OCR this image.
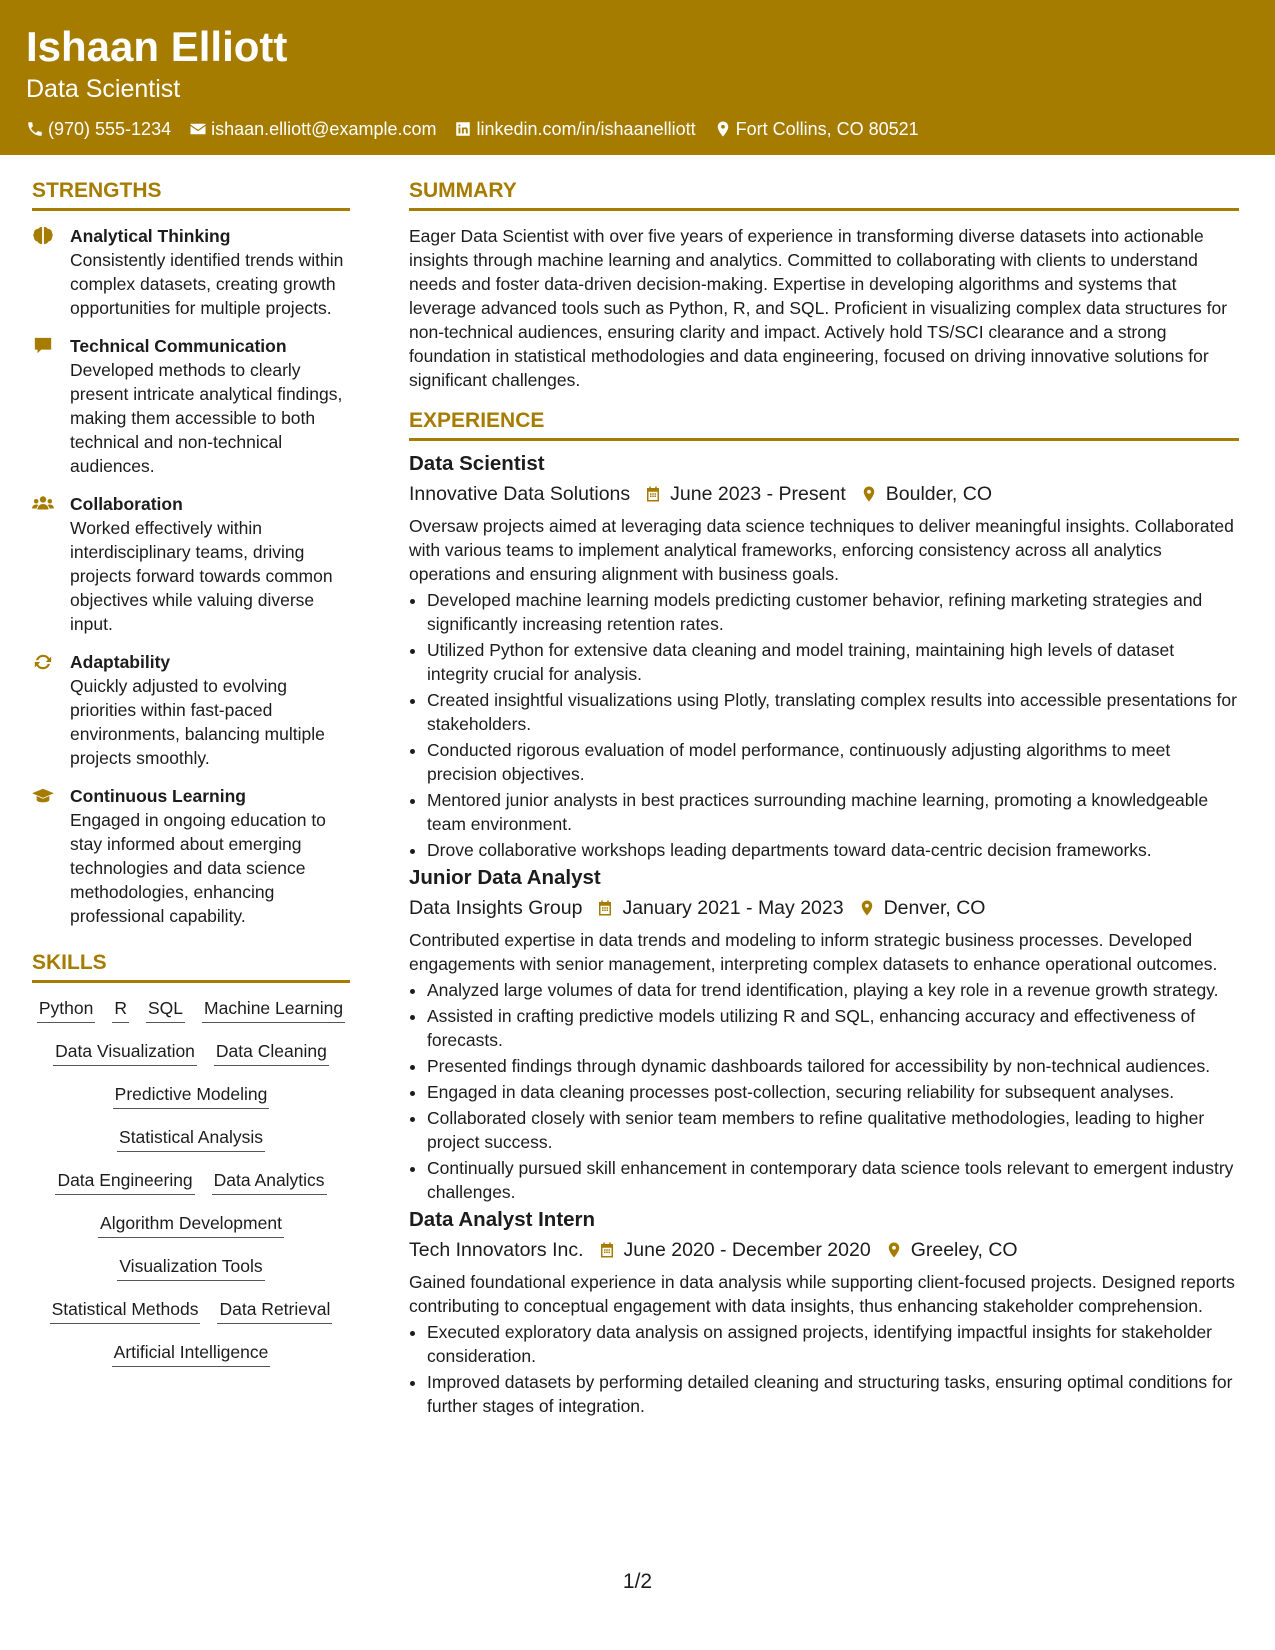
Ishaan Elliott
Data Scientist
(970) 555-1234 ishaan.elliott@example.com linkedin.com/in/ishaanelliott Fort Collins, CO 80521
STRENGTHS
Analytical Thinking
Consistently identified trends within complex datasets, creating growth opportunities for multiple projects.
Technical Communication
Developed methods to clearly present intricate analytical findings, making them accessible to both technical and non-technical audiences.
Collaboration
Worked effectively within interdisciplinary teams, driving projects forward towards common objectives while valuing diverse input.
Adaptability
Quickly adjusted to evolving priorities within fast-paced environments, balancing multiple projects smoothly.
Continuous Learning
Engaged in ongoing education to stay informed about emerging technologies and data science methodologies, enhancing professional capability.
SKILLS
Python R SQL Machine Learning
Data Visualization Data Cleaning
Predictive Modeling
Statistical Analysis
Data Engineering Data Analytics
Algorithm Development
Visualization Tools
Statistical Methods Data Retrieval
Artificial Intelligence
SUMMARY
Eager Data Scientist with over five years of experience in transforming diverse datasets into actionable insights through machine learning and analytics. Committed to collaborating with clients to understand needs and foster data-driven decision-making. Expertise in developing algorithms and systems that leverage advanced tools such as Python, R, and SQL. Proficient in visualizing complex data structures for non-technical audiences, ensuring clarity and impact. Actively hold TS/SCI clearance and a strong foundation in statistical methodologies and data engineering, focused on driving innovative solutions for significant challenges.
EXPERIENCE
Data Scientist
Innovative Data Solutions June 2023 - Present Boulder, CO
Oversaw projects aimed at leveraging data science techniques to deliver meaningful insights. Collaborated with various teams to implement analytical frameworks, enforcing consistency across all analytics operations and ensuring alignment with business goals.
• Developed machine learning models predicting customer behavior, refining marketing strategies and significantly increasing retention rates.
• Utilized Python for extensive data cleaning and model training, maintaining high levels of dataset integrity crucial for analysis.
• Created insightful visualizations using Plotly, translating complex results into accessible presentations for stakeholders.
• Conducted rigorous evaluation of model performance, continuously adjusting algorithms to meet precision objectives.
• Mentored junior analysts in best practices surrounding machine learning, promoting a knowledgeable team environment.
• Drove collaborative workshops leading departments toward data-centric decision frameworks.
Junior Data Analyst
Data Insights Group January 2021 - May 2023 Denver, CO
Contributed expertise in data trends and modeling to inform strategic business processes. Developed engagements with senior management, interpreting complex datasets to enhance operational outcomes.
• Analyzed large volumes of data for trend identification, playing a key role in a revenue growth strategy.
• Assisted in crafting predictive models utilizing R and SQL, enhancing accuracy and effectiveness of forecasts.
• Presented findings through dynamic dashboards tailored for accessibility by non-technical audiences.
• Engaged in data cleaning processes post-collection, securing reliability for subsequent analyses.
• Collaborated closely with senior team members to refine qualitative methodologies, leading to higher project success.
• Continually pursued skill enhancement in contemporary data science tools relevant to emergent industry challenges.
Data Analyst Intern
Tech Innovators Inc. June 2020 - December 2020 Greeley, CO
Gained foundational experience in data analysis while supporting client-focused projects. Designed reports contributing to conceptual engagement with data insights, thus enhancing stakeholder comprehension.
• Executed exploratory data analysis on assigned projects, identifying impactful insights for stakeholder consideration.
• Improved datasets by performing detailed cleaning and structuring tasks, ensuring optimal conditions for further stages of integration.
1/2
